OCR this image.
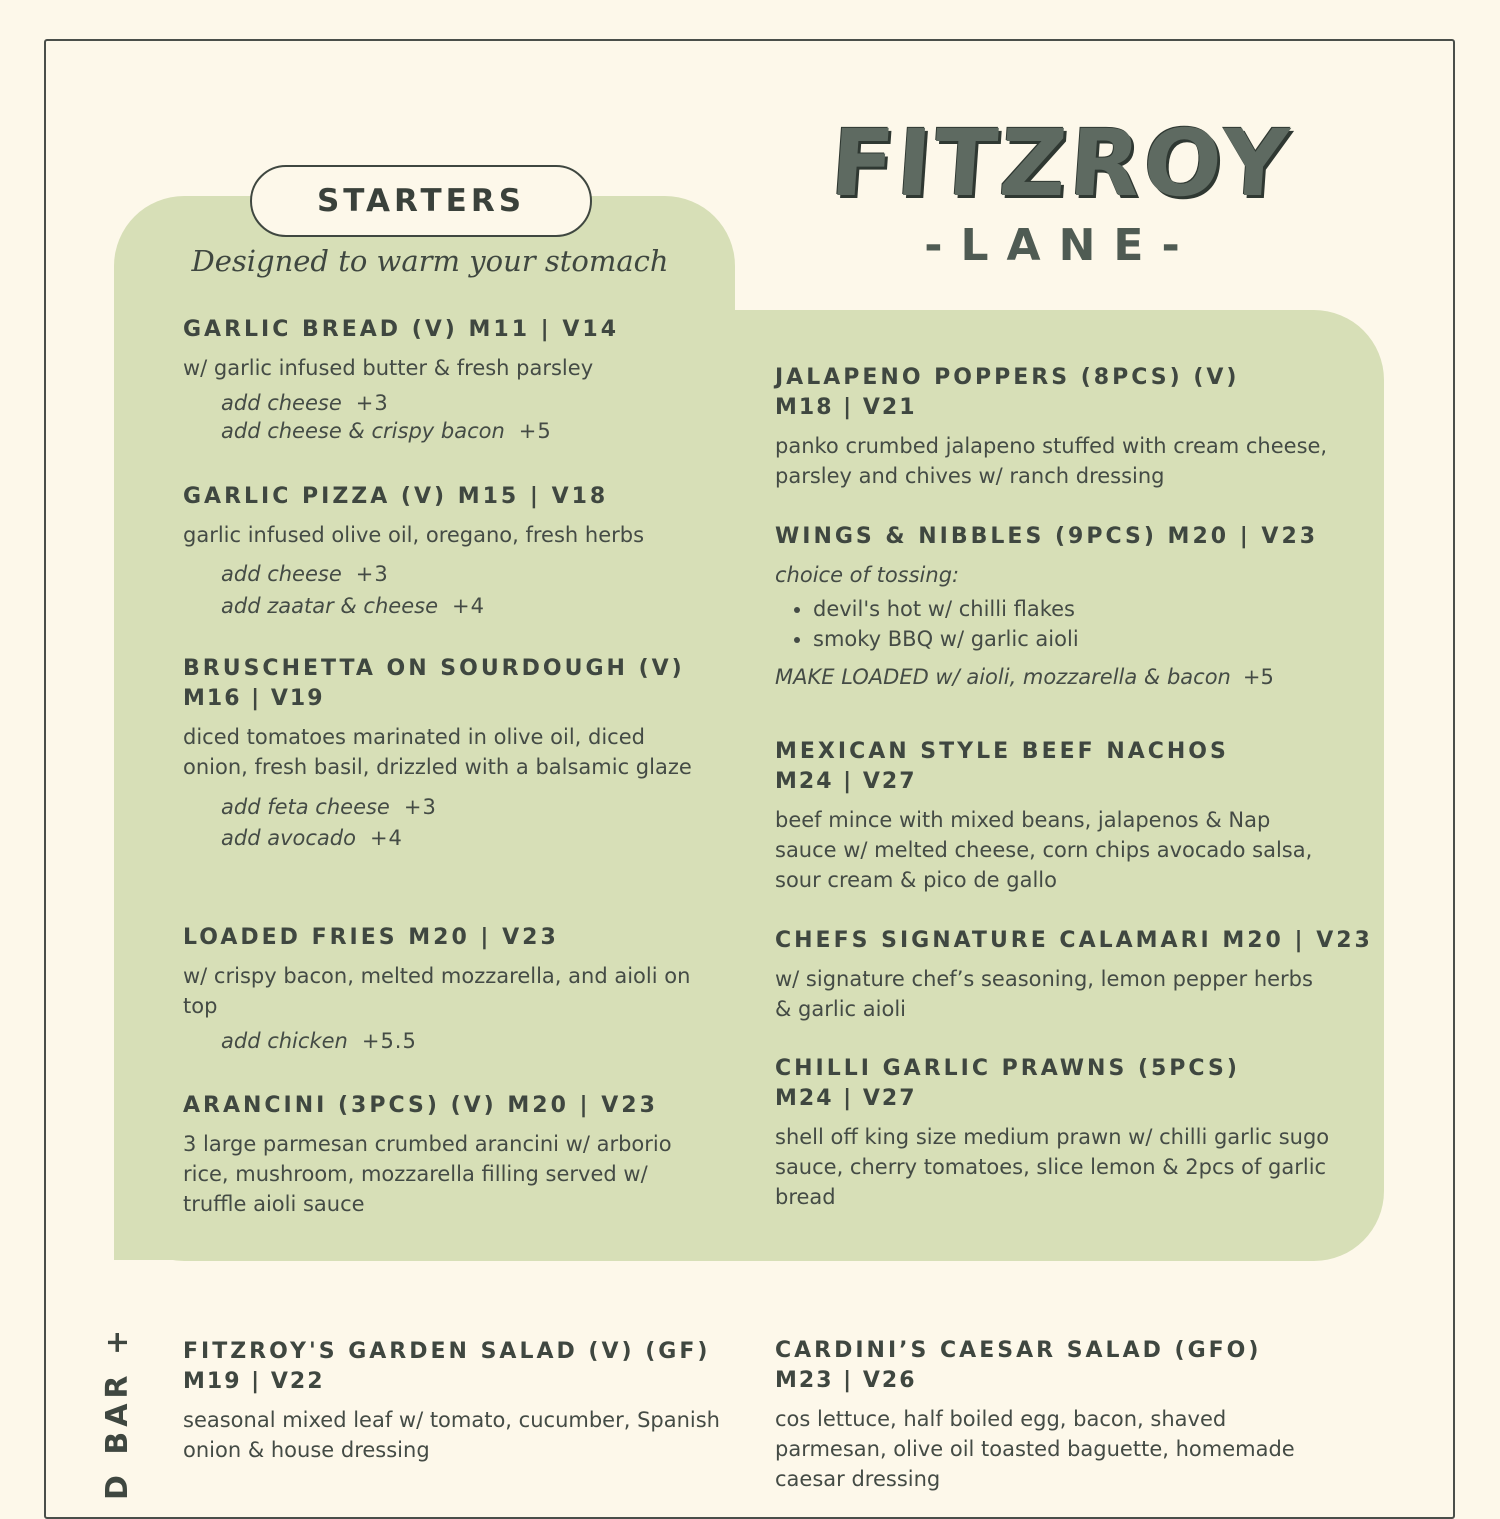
STARTERS
Designed to warm your stomach
FITZROY
-LANE-
GARLIC BREAD (V) M11 | V14
w/ garlic infused butter & fresh parsley
add cheese +3
add cheese & crispy bacon +5
GARLIC PIZZA (V) M15 | V18
garlic infused olive oil, oregano, fresh herbs
add cheese +3
add zaatar & cheese +4
BRUSCHETTA ON SOURDOUGH (V)
M16 | V19
diced tomatoes marinated in olive oil, diced onion, fresh basil, drizzled with a balsamic glaze
add feta cheese +3
add avocado +4
LOADED FRIES M20 | V23
w/ crispy bacon, melted mozzarella, and aioli on top
add chicken +5.5
ARANCINI (3PCS) (V) M20 | V23
3 large parmesan crumbed arancini w/ arborio rice, mushroom, mozzarella filling served w/ truffle aioli sauce
JALAPENO POPPERS (8PCS) (V)
M18 | V21
panko crumbed jalapeno stuffed with cream cheese, parsley and chives w/ ranch dressing
WINGS & NIBBLES (9PCS) M20 | V23
choice of tossing:
• devil's hot w/ chilli flakes
• smoky BBQ w/ garlic aioli
MAKE LOADED w/ aioli, mozzarella & bacon +5
MEXICAN STYLE BEEF NACHOS
M24 | V27
beef mince with mixed beans, jalapenos & Nap sauce w/ melted cheese, corn chips avocado salsa, sour cream & pico de gallo
CHEFS SIGNATURE CALAMARI M20 | V23
w/ signature chef’s seasoning, lemon pepper herbs & garlic aioli
CHILLI GARLIC PRAWNS (5PCS)
M24 | V27
shell off king size medium prawn w/ chilli garlic sugo sauce, cherry tomatoes, slice lemon & 2pcs of garlic bread
D BAR + FITZROY'S GARDEN SALAD (V) (GF)
M19 | V22
seasonal mixed leaf w/ tomato, cucumber, Spanish onion & house dressing
CARDINI’S CAESAR SALAD (GFO)
M23 | V26
cos lettuce, half boiled egg, bacon, shaved parmesan, olive oil toasted baguette, homemade caesar dressing
